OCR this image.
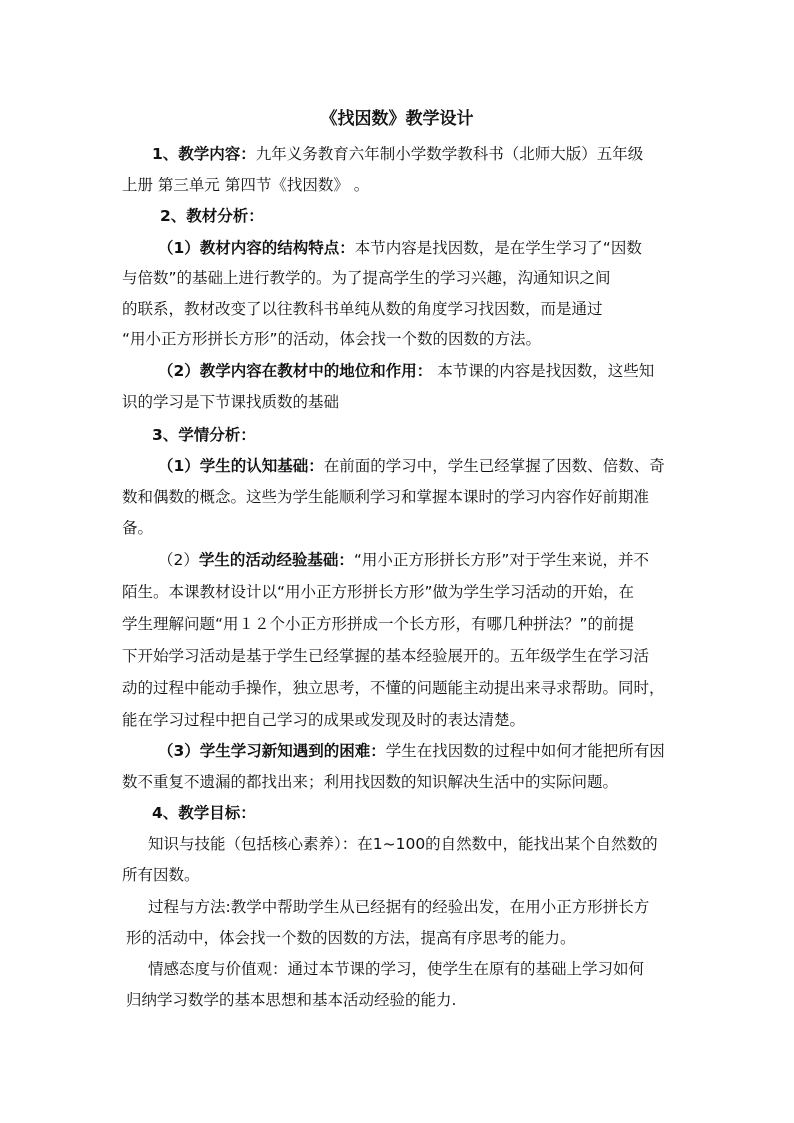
《找因数》教学设计
1、教学内容：九年义务教育六年制小学数学教科书（北师大版）五年级
上册 第三单元 第四节《找因数》 。
2、教材分析：
（1）教材内容的结构特点：本节内容是找因数，是在学生学习了“因数
与倍数”的基础上进行教学的。为了提高学生的学习兴趣，沟通知识之间
的联系，教材改变了以往教科书单纯从数的角度学习找因数，而是通过
“用小正方形拼长方形”的活动，体会找一个数的因数的方法。
（2）教学内容在教材中的地位和作用： 本节课的内容是找因数，这些知
识的学习是下节课找质数的基础
3、学情分析：
（1）学生的认知基础：在前面的学习中，学生已经掌握了因数、倍数、奇
数和偶数的概念。这些为学生能顺利学习和掌握本课时的学习内容作好前期准
备。
（2）学生的活动经验基础：“用小正方形拼长方形”对于学生来说，并不
陌生。本课教材设计以“用小正方形拼长方形”做为学生学习活动的开始，在
学生理解问题“用１２个小正方形拼成一个长方形，有哪几种拼法？”的前提
下开始学习活动是基于学生已经掌握的基本经验展开的。五年级学生在学习活
动的过程中能动手操作，独立思考，不懂的问题能主动提出来寻求帮助。同时，
能在学习过程中把自己学习的成果或发现及时的表达清楚。
（3）学生学习新知遇到的困难：学生在找因数的过程中如何才能把所有因
数不重复不遗漏的都找出来；利用找因数的知识解决生活中的实际问题。
4、教学目标：
知识与技能（包括核心素养）：在1~100的自然数中，能找出某个自然数的
所有因数。
过程与方法:教学中帮助学生从已经据有的经验出发，在用小正方形拼长方
形的活动中，体会找一个数的因数的方法，提高有序思考的能力。
情感态度与价值观：通过本节课的学习，使学生在原有的基础上学习如何
归纳学习数学的基本思想和基本活动经验的能力.
